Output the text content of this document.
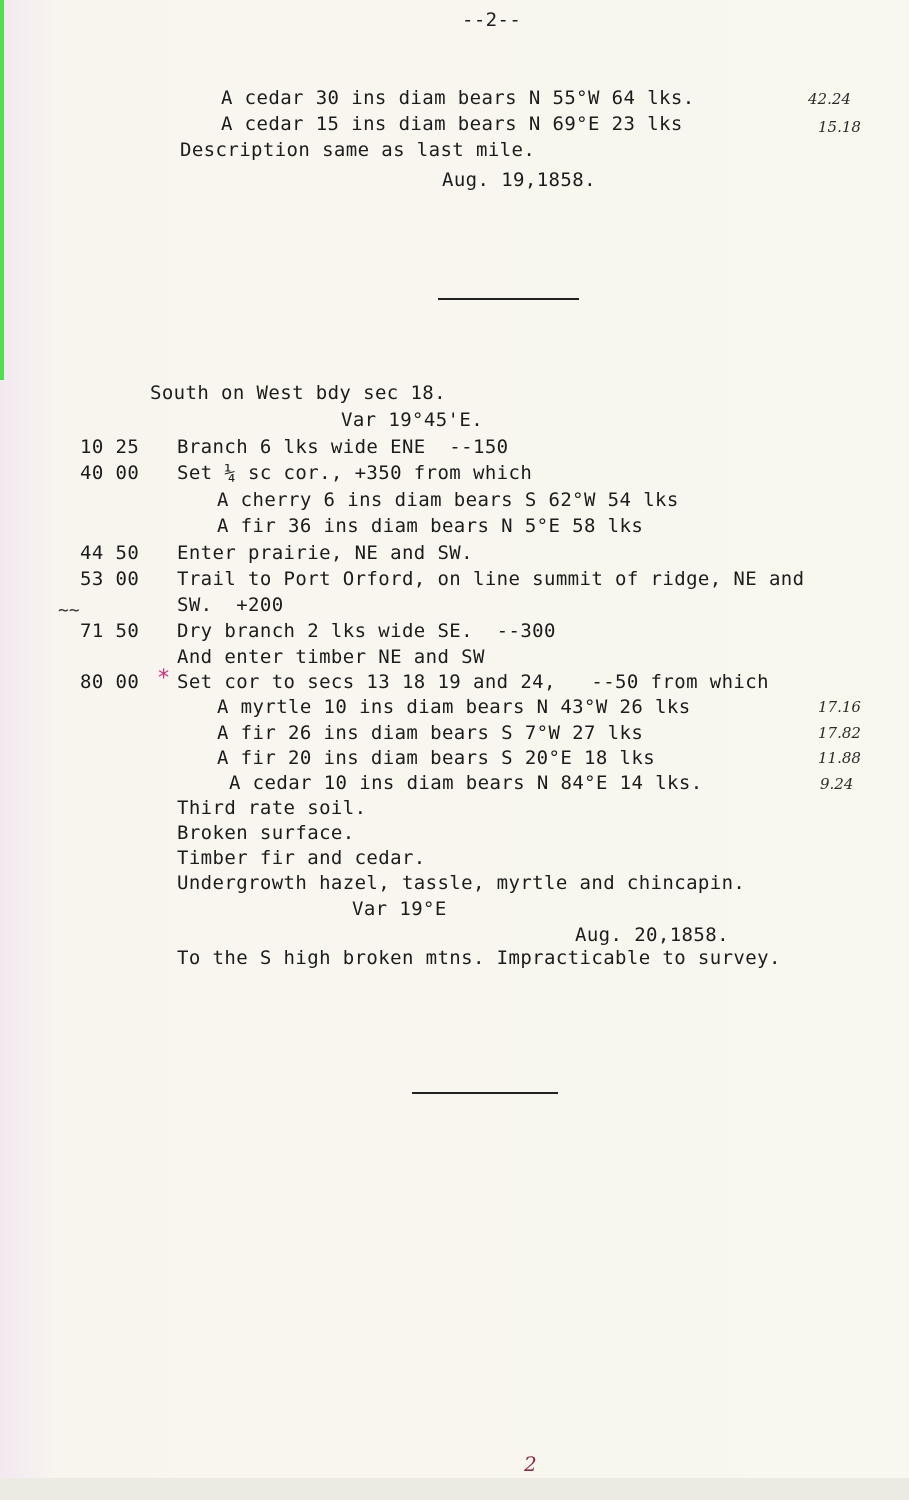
--2--
A cedar 30 ins diam bears N 55°W 64 lks.
A cedar 15 ins diam bears N 69°E 23 lks
Description same as last mile.
Aug. 19,1858.
42.24
15.18
South on West bdy sec 18.
Var 19°45'E.
10 25 Branch 6 lks wide ENE  --150
40 00 Set ¼ sc cor., +350 from which
A cherry 6 ins diam bears S 62°W 54 lks
A fir 36 ins diam bears N 5°E 58 lks
44 50 Enter prairie, NE and SW.
53 00 Trail to Port Orford, on line summit of ridge, NE and
SW.  +200
71 50 Dry branch 2 lks wide SE.  --300
And enter timber NE and SW
80 00 * Set cor to secs 13 18 19 and 24,   --50 from which
A myrtle 10 ins diam bears N 43°W 26 lks
A fir 26 ins diam bears S 7°W 27 lks
A fir 20 ins diam bears S 20°E 18 lks
A cedar 10 ins diam bears N 84°E 14 lks.
17.16
17.82
11.88
9.24
~~
Third rate soil.
Broken surface.
Timber fir and cedar.
Undergrowth hazel, tassle, myrtle and chincapin.
Var 19°E
Aug. 20,1858.
To the S high broken mtns. Impracticable to survey.
2
